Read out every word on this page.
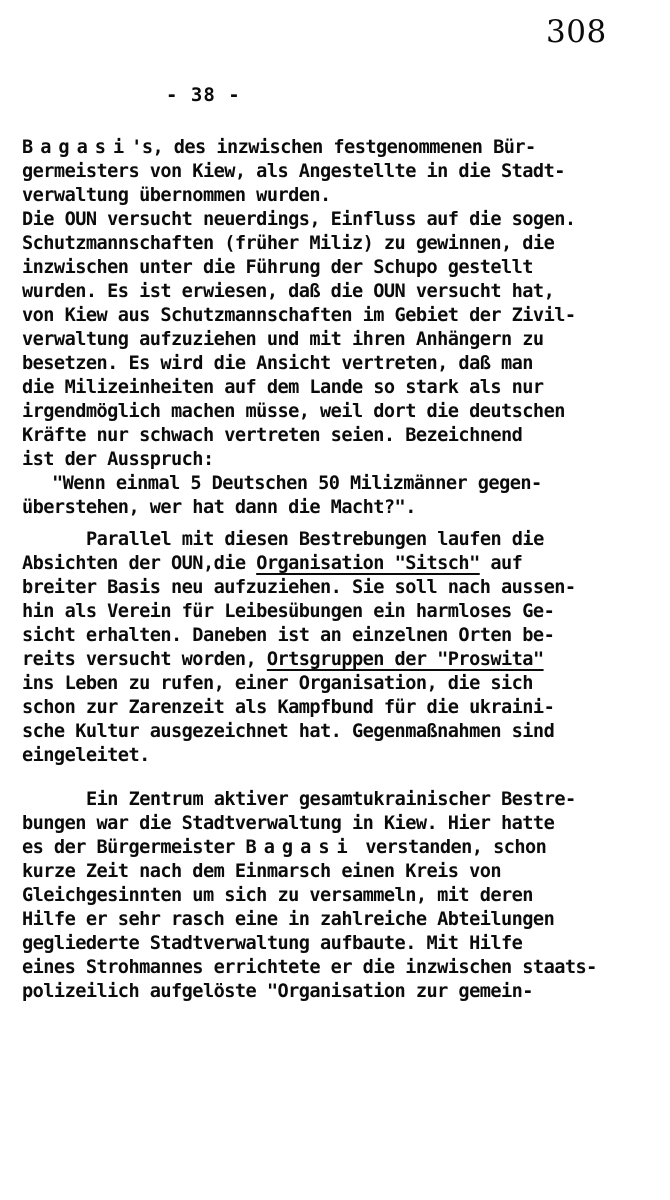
308
- 38 -
Bagasi's, des inzwischen festgenommenen Bür-
germeisters von Kiew, als Angestellte in die Stadt-
verwaltung übernommen wurden.
Die OUN versucht neuerdings, Einfluss auf die sogen.
Schutzmannschaften (früher Miliz) zu gewinnen, die
inzwischen unter die Führung der Schupo gestellt
wurden. Es ist erwiesen, daß die OUN versucht hat,
von Kiew aus Schutzmannschaften im Gebiet der Zivil-
verwaltung aufzuziehen und mit ihren Anhängern zu
besetzen. Es wird die Ansicht vertreten, daß man
die Milizeinheiten auf dem Lande so stark als nur
irgendmöglich machen müsse, weil dort die deutschen
Kräfte nur schwach vertreten seien. Bezeichnend
ist der Ausspruch:
"Wenn einmal 5 Deutschen 50 Milizmänner gegen-
überstehen, wer hat dann die Macht?".
Parallel mit diesen Bestrebungen laufen die
Absichten der OUN,die Organisation "Sitsch" auf
breiter Basis neu aufzuziehen. Sie soll nach aussen-
hin als Verein für Leibesübungen ein harmloses Ge-
sicht erhalten. Daneben ist an einzelnen Orten be-
reits versucht worden, Ortsgruppen der "Proswita"
ins Leben zu rufen, einer Organisation, die sich
schon zur Zarenzeit als Kampfbund für die ukraini-
sche Kultur ausgezeichnet hat. Gegenmaßnahmen sind
eingeleitet.
Ein Zentrum aktiver gesamtukrainischer Bestre-
bungen war die Stadtverwaltung in Kiew. Hier hatte
es der Bürgermeister Bagasi verstanden, schon
kurze Zeit nach dem Einmarsch einen Kreis von
Gleichgesinnten um sich zu versammeln, mit deren
Hilfe er sehr rasch eine in zahlreiche Abteilungen
gegliederte Stadtverwaltung aufbaute. Mit Hilfe
eines Strohmannes errichtete er die inzwischen staats-
polizeilich aufgelöste "Organisation zur gemein-
